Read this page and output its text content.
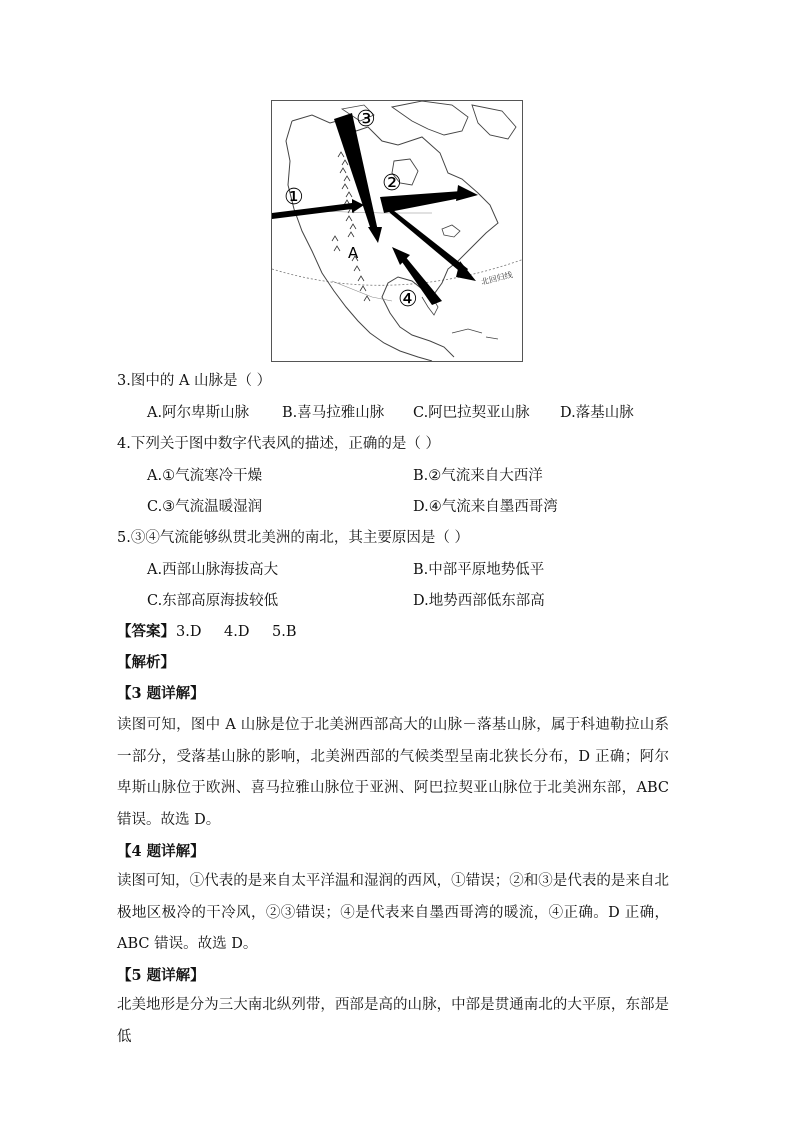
③
①
②
④
A
北回归线
3.图中的 A 山脉是（ ）
A.阿尔卑斯山脉 B.喜马拉雅山脉 C.阿巴拉契亚山脉 D.落基山脉
4.下列关于图中数字代表风的描述，正确的是（ ）
A.①气流寒冷干燥	B.②气流来自大西洋
C.③气流温暖湿润	D.④气流来自墨西哥湾
5.③④气流能够纵贯北美洲的南北，其主要原因是（ ）
A.西部山脉海拔高大	B.中部平原地势低平
C.东部高原海拔较低	D.地势西部低东部高
【答案】 3.D 4.D 5.B
【解析】
【3 题详解】
读图可知，图中 A 山脉是位于北美洲西部高大的山脉－落基山脉，属于科迪勒拉山系一部分，受落基山脉的影响，北美洲西部的气候类型呈南北狭长分布，D 正确；阿尔卑斯山脉位于欧洲、喜马拉雅山脉位于亚洲、阿巴拉契亚山脉位于北美洲东部，ABC 错误。故选 D。
【4 题详解】
读图可知，①代表的是来自太平洋温和湿润的西风，①错误；②和③是代表的是来自北极地区极冷的干冷风，②③错误；④是代表来自墨西哥湾的暖流，④正确。D 正确，ABC 错误。故选 D。
【5 题详解】
北美地形是分为三大南北纵列带，西部是高的山脉，中部是贯通南北的大平原，东部是低
